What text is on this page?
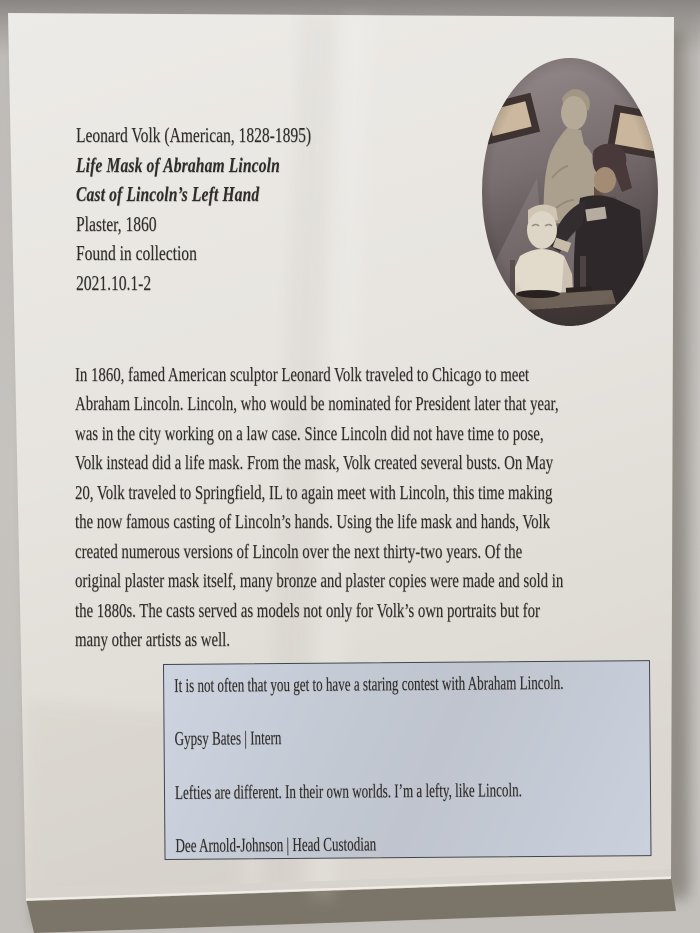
Leonard Volk (American, 1828-1895)
Life Mask of Abraham Lincoln
Cast of Lincoln’s Left Hand
Plaster, 1860
Found in collection
2021.10.1-2
In 1860, famed American sculptor Leonard Volk traveled to Chicago to meet
Abraham Lincoln. Lincoln, who would be nominated for President later that year,
was in the city working on a law case. Since Lincoln did not have time to pose,
Volk instead did a life mask. From the mask, Volk created several busts. On May
20, Volk traveled to Springfield, IL to again meet with Lincoln, this time making
the now famous casting of Lincoln’s hands. Using the life mask and hands, Volk
created numerous versions of Lincoln over the next thirty-two years. Of the
original plaster mask itself, many bronze and plaster copies were made and sold in
the 1880s. The casts served as models not only for Volk’s own portraits but for
many other artists as well.
It is not often that you get to have a staring contest with Abraham Lincoln.
Gypsy Bates | Intern
Lefties are different. In their own worlds. I’m a lefty, like Lincoln.
Dee Arnold-Johnson | Head Custodian
